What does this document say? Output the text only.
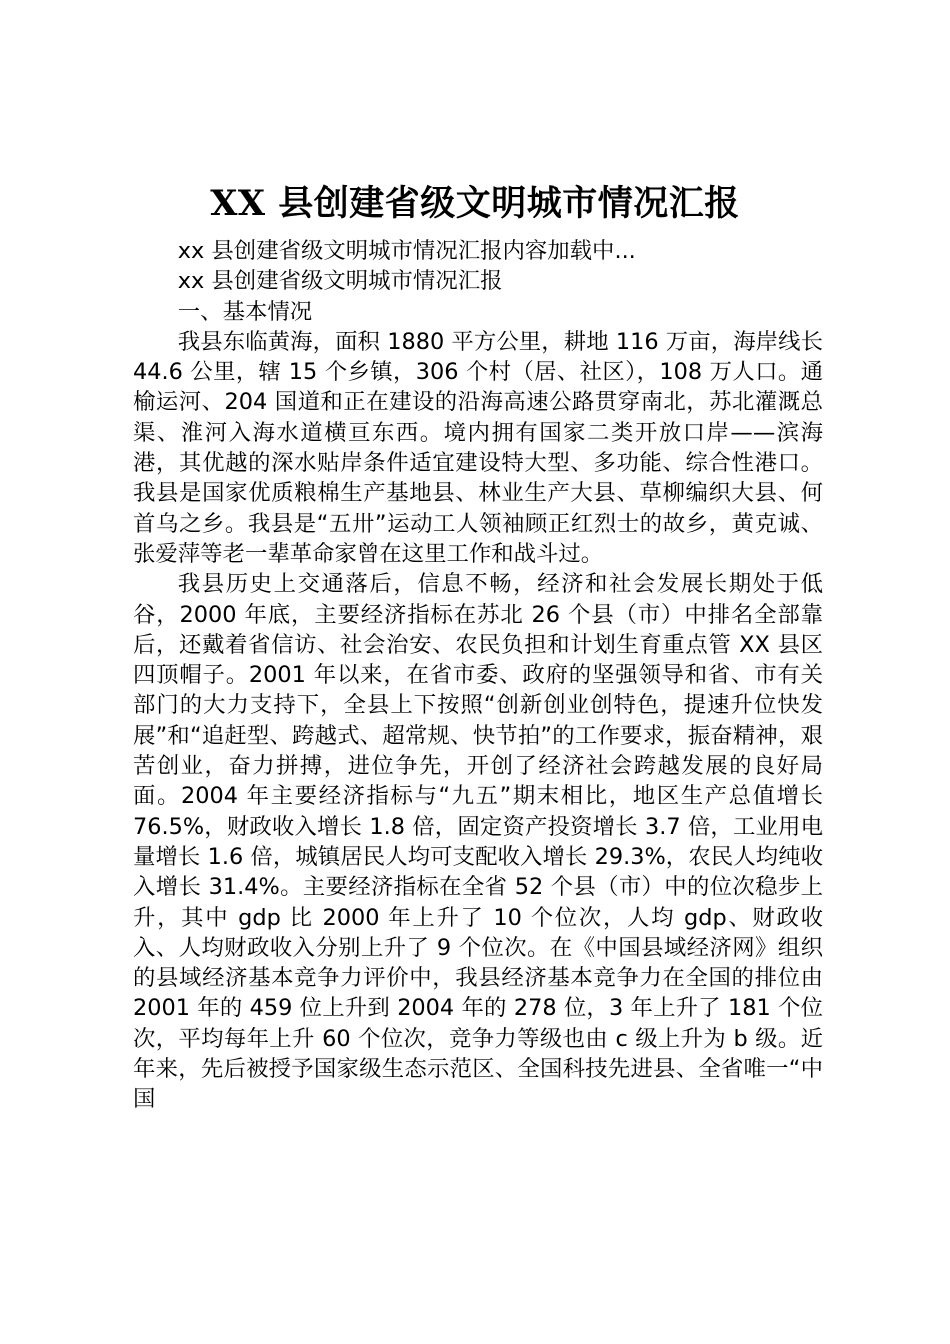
XX 县创建省级文明城市情况汇报

xx 县创建省级文明城市情况汇报内容加载中...

xx 县创建省级文明城市情况汇报

一、基本情况

我县东临黄海，面积 1880 平方公里，耕地 116 万亩，海岸线长 44.6 公里，辖 15 个乡镇，306 个村（居、社区），108 万人口。通榆运河、204 国道和正在建设的沿海高速公路贯穿南北，苏北灌溉总渠、淮河入海水道横亘东西。境内拥有国家二类开放口岸——滨海港，其优越的深水贴岸条件适宜建设特大型、多功能、综合性港口。我县是国家优质粮棉生产基地县、林业生产大县、草柳编织大县、何首乌之乡。我县是“五卅”运动工人领袖顾正红烈士的故乡，黄克诚、张爱萍等老一辈革命家曾在这里工作和战斗过。

我县历史上交通落后，信息不畅，经济和社会发展长期处于低谷，2000 年底，主要经济指标在苏北 26 个县（市）中排名全部靠后，还戴着省信访、社会治安、农民负担和计划生育重点管 XX 县区四顶帽子。2001 年以来，在省市委、政府的坚强领导和省、市有关部门的大力支持下，全县上下按照“创新创业创特色，提速升位快发展”和“追赶型、跨越式、超常规、快节拍”的工作要求，振奋精神，艰苦创业，奋力拼搏，进位争先，开创了经济社会跨越发展的良好局面。2004 年主要经济指标与“九五”期末相比，地区生产总值增长 76.5%，财政收入增长 1.8 倍，固定资产投资增长 3.7 倍，工业用电量增长 1.6 倍，城镇居民人均可支配收入增长 29.3%，农民人均纯收入增长 31.4%。主要经济指标在全省 52 个县（市）中的位次稳步上升，其中 gdp 比 2000 年上升了 10 个位次，人均 gdp、财政收入、人均财政收入分别上升了 9 个位次。在《中国县域经济网》组织的县域经济基本竞争力评价中，我县经济基本竞争力在全国的排位由 2001 年的 459 位上升到 2004 年的 278 位，3 年上升了 181 个位次，平均每年上升 60 个位次，竞争力等级也由 c 级上升为 b 级。近年来，先后被授予国家级生态示范区、全国科技先进县、全省唯一“中国
